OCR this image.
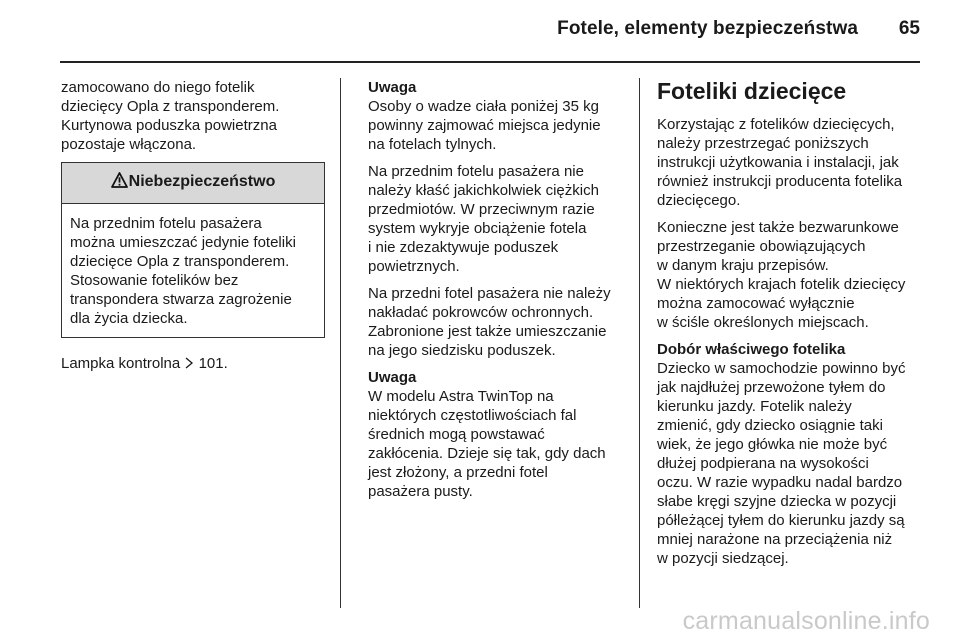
Fotele, elementy bezpieczeństwa 65

zamocowano do niego fotelik
dziecięcy Opla z transponderem.
Kurtynowa poduszka powietrzna
pozostaje włączona.

Niebezpieczeństwo
Na przednim fotelu pasażera
można umieszczać jedynie foteliki
dziecięce Opla z transponderem.
Stosowanie fotelików bez
transpondera stwarza zagrożenie
dla życia dziecka.

Lampka kontrolna 101.

Uwaga

Osoby o wadze ciała poniżej 35 kg
powinny zajmować miejsca jedynie
na fotelach tylnych.

Na przednim fotelu pasażera nie
należy kłaść jakichkolwiek ciężkich
przedmiotów. W przeciwnym razie
system wykryje obciążenie fotela
i nie zdezaktywuje poduszek
powietrznych.

Na przedni fotel pasażera nie należy
nakładać pokrowców ochronnych.
Zabronione jest także umieszczanie
na jego siedzisku poduszek.

Uwaga

W modelu Astra TwinTop na
niektórych częstotliwościach fal
średnich mogą powstawać
zakłócenia. Dzieje się tak, gdy dach
jest złożony, a przedni fotel
pasażera pusty.

Foteliki dziecięce

Korzystając z fotelików dziecięcych,
należy przestrzegać poniższych
instrukcji użytkowania i instalacji, jak
również instrukcji producenta fotelika
dziecięcego.

Konieczne jest także bezwarunkowe
przestrzeganie obowiązujących
w danym kraju przepisów.
W niektórych krajach fotelik dziecięcy
można zamocować wyłącznie
w ściśle określonych miejscach.

Dobór właściwego fotelika

Dziecko w samochodzie powinno być
jak najdłużej przewożone tyłem do
kierunku jazdy. Fotelik należy
zmienić, gdy dziecko osiągnie taki
wiek, że jego główka nie może być
dłużej podpierana na wysokości
oczu. W razie wypadku nadal bardzo
słabe kręgi szyjne dziecka w pozycji
półleżącej tyłem do kierunku jazdy są
mniej narażone na przeciążenia niż
w pozycji siedzącej.

carmanualsonline.info
